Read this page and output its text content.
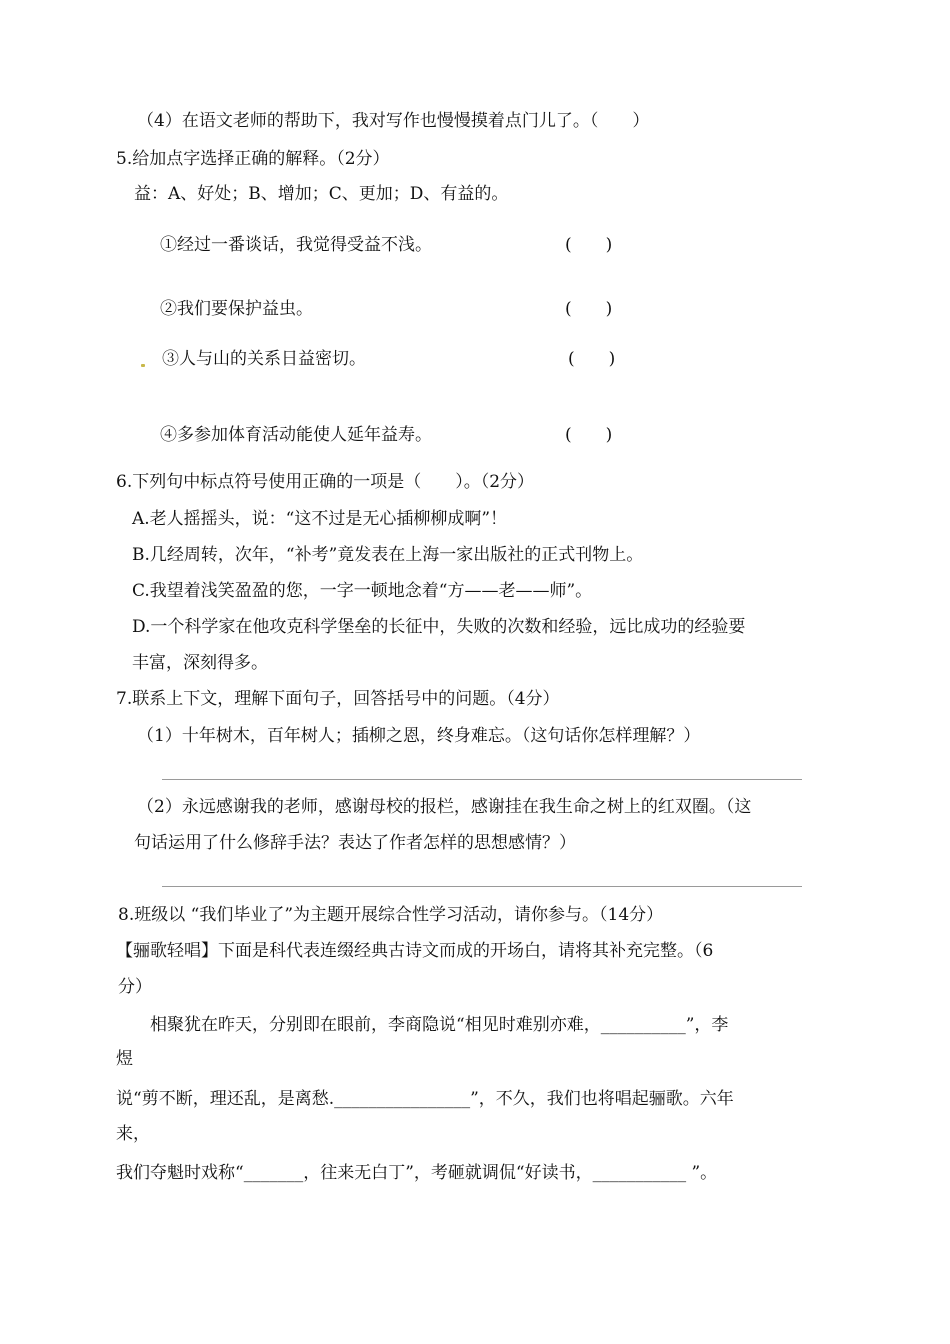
（4）在语文老师的帮助下，我对写作也慢慢摸着点门儿了。（　　）
5.给加点字选择正确的解释。（2分）
益：A、好处；B、增加；C、更加；D、有益的。
①经过一番谈话，我觉得受益不浅。	(　　)
②我们要保护益虫。	(　　)
③人与山的关系日益密切。	(　　)
④多参加体育活动能使人延年益寿。	(　　)
6.下列句中标点符号使用正确的一项是（　　）。（2分）
A.老人摇摇头，说：“这不过是无心插柳柳成啊”！
B.几经周转，次年，“补考”竟发表在上海一家出版社的正式刊物上。
C.我望着浅笑盈盈的您，一字一顿地念着“方——老——师”。
D.一个科学家在他攻克科学堡垒的长征中，失败的次数和经验，远比成功的经验要
丰富，深刻得多。
7.联系上下文，理解下面句子，回答括号中的问题。（4分）
（1）十年树木，百年树人；插柳之恩，终身难忘。（这句话你怎样理解？）
（2）永远感谢我的老师，感谢母校的报栏，感谢挂在我生命之树上的红双圈。（这
句话运用了什么修辞手法？表达了作者怎样的思想感情？）
8.班级以 “我们毕业了”为主题开展综合性学习活动，请你参与。（14分）
【骊歌轻唱】下面是科代表连缀经典古诗文而成的开场白，请将其补充完整。（6
分）
相聚犹在昨天，分别即在眼前，李商隐说“相见时难别亦难，__________”，李
煜
说“剪不断，理还乱，是离愁.________________”，不久，我们也将唱起骊歌。六年
来，
我们夺魁时戏称“_______，往来无白丁”，考砸就调侃“好读书，___________ ”。
